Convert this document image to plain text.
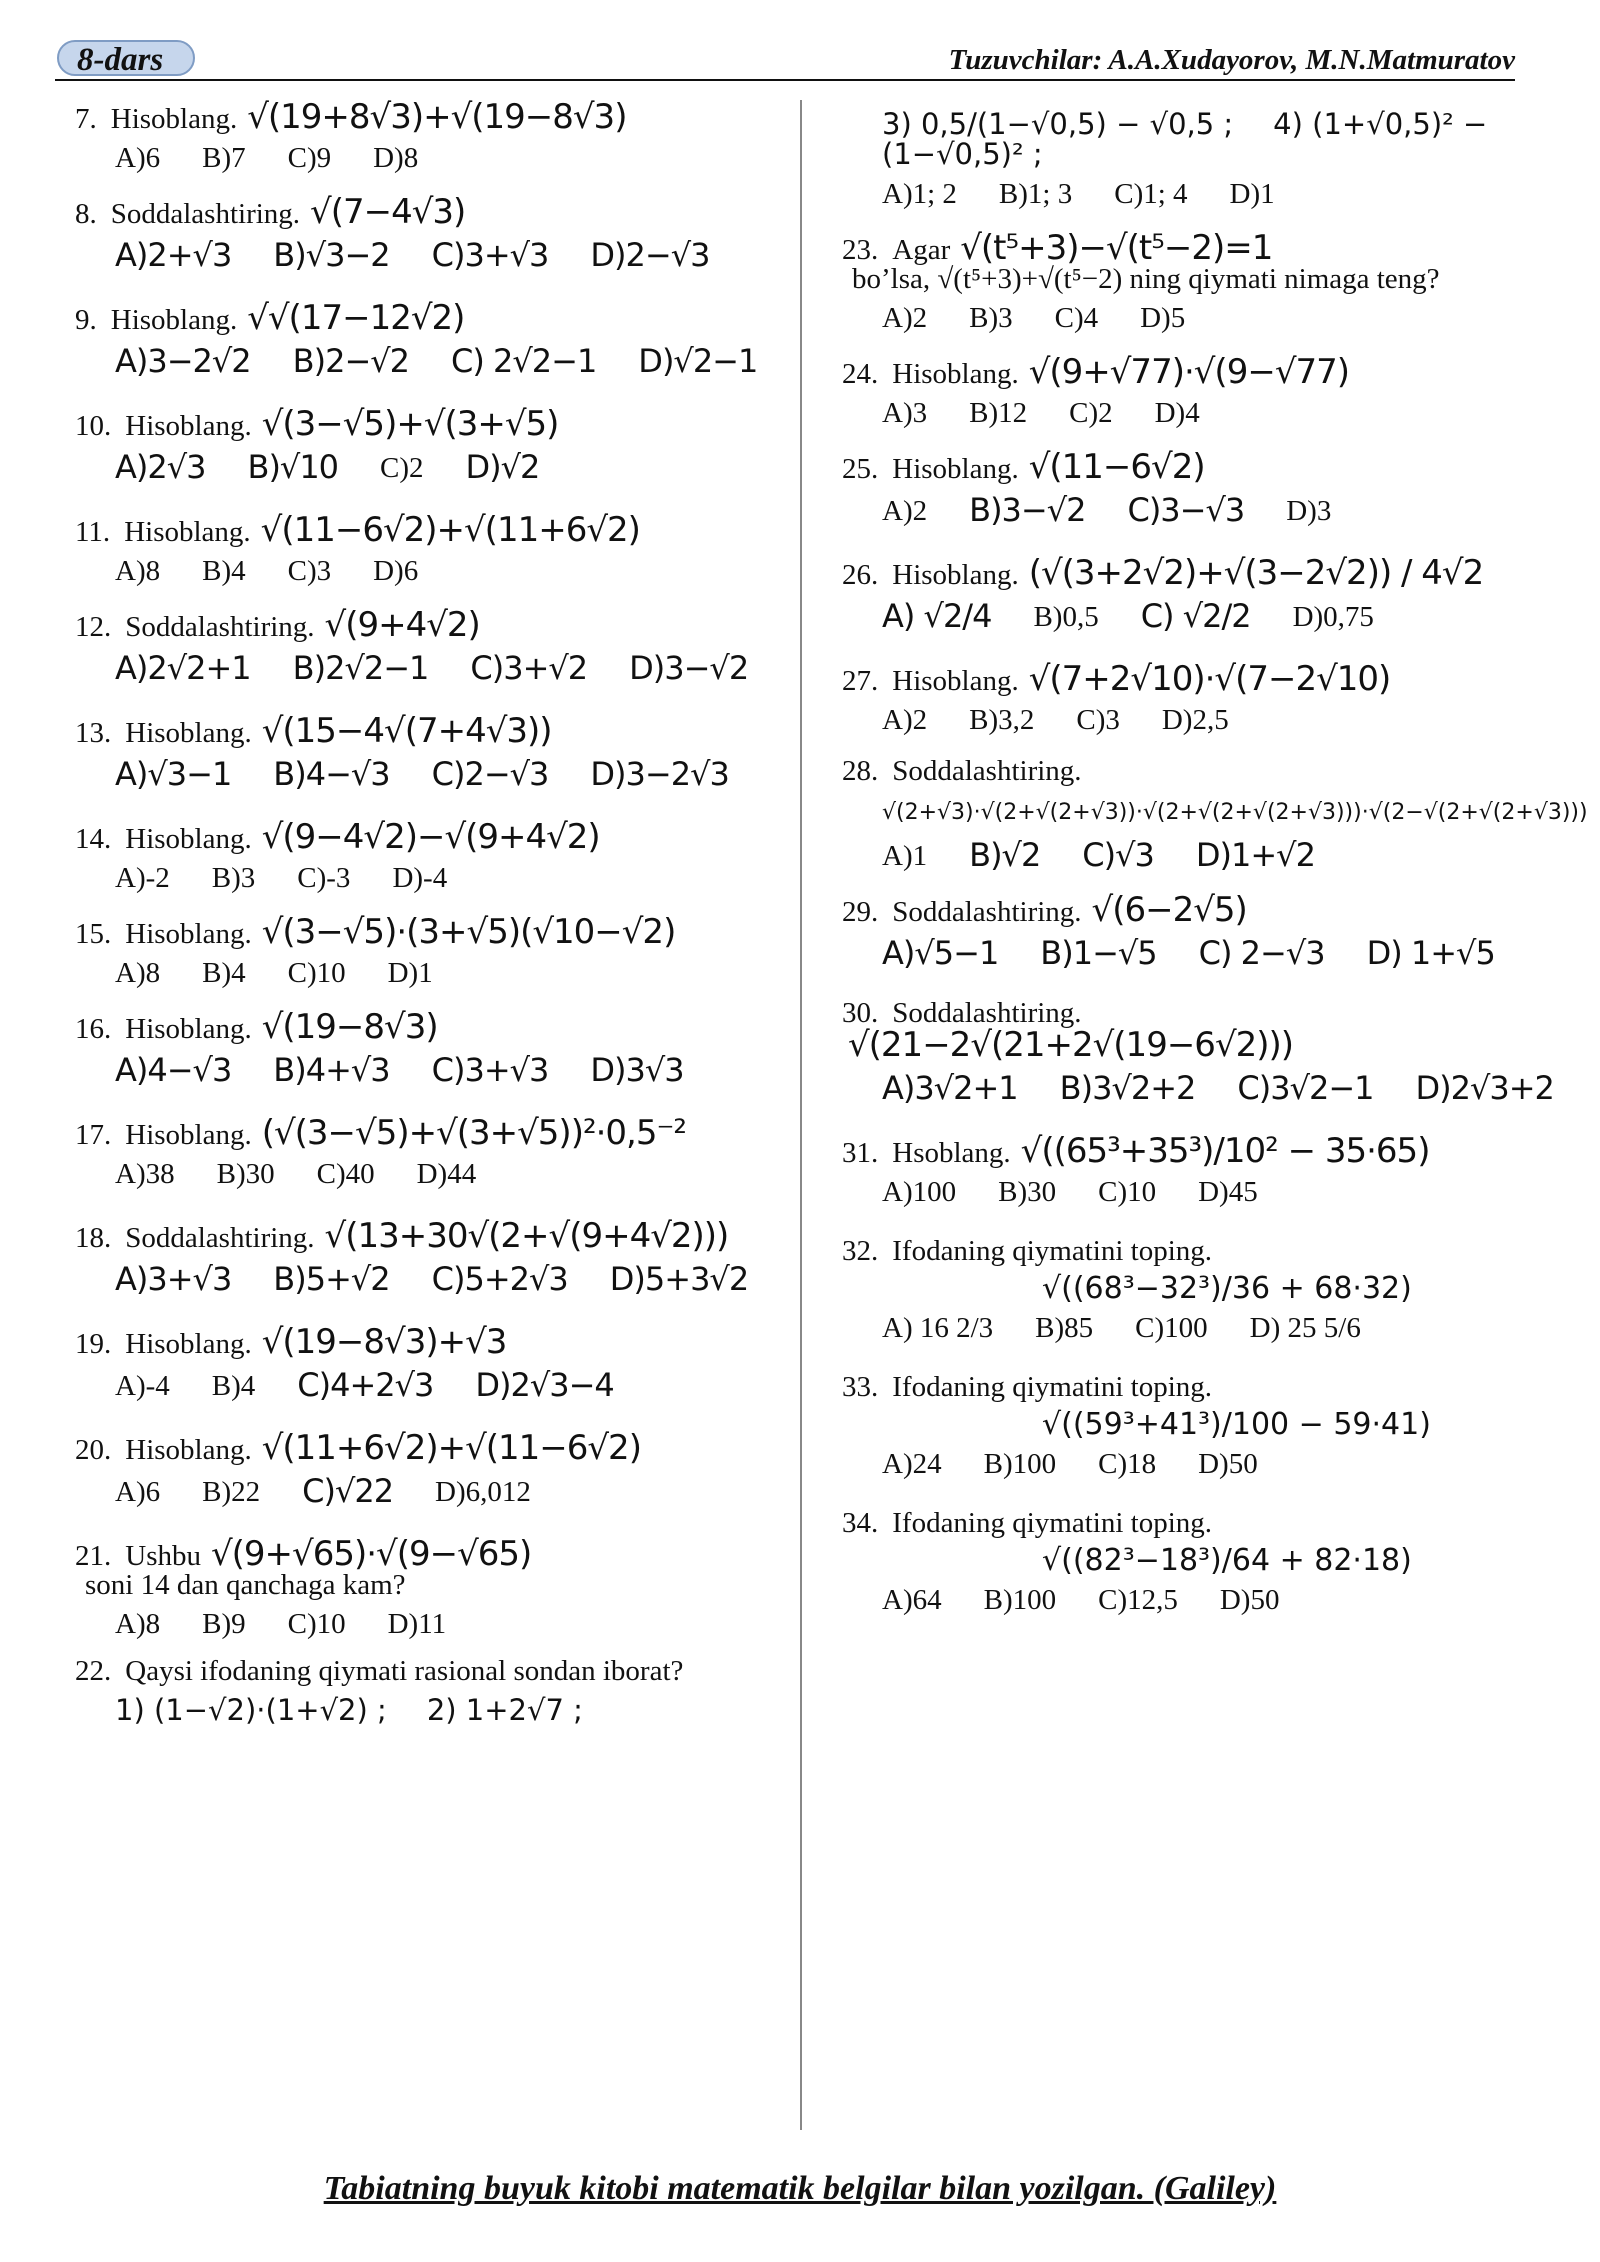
8-dars	Tuzuvchilar: A.A.Xudayorov, M.N.Matmuratov
7. Hisoblang. √(19+8√3)+√(19−8√3)
A)6 B)7 C)9 D)8
8. Soddalashtiring. √(7−4√3)
A)2+√3 B)√3−2 C)3+√3 D)2−√3
9. Hisoblang. √√(17−12√2)
A)3−2√2 B)2−√2 C) 2√2−1 D)√2−1
10. Hisoblang. √(3−√5)+√(3+√5)
A)2√3 B)√10 C)2 D)√2
11. Hisoblang. √(11−6√2)+√(11+6√2)
A)8 B)4 C)3 D)6
12. Soddalashtiring. √(9+4√2)
A)2√2+1 B)2√2−1 C)3+√2 D)3−√2
13. Hisoblang. √(15−4√(7+4√3))
A)√3−1 B)4−√3 C)2−√3 D)3−2√3
14. Hisoblang. √(9−4√2)−√(9+4√2)
A)-2 B)3 C)-3 D)-4
15. Hisoblang. √(3−√5)·(3+√5)(√10−√2)
A)8 B)4 C)10 D)1
16. Hisoblang. √(19−8√3)
A)4−√3 B)4+√3 C)3+√3 D)3√3
17. Hisoblang. (√(3−√5)+√(3+√5))²·0,5⁻²
A)38 B)30 C)40 D)44
18. Soddalashtiring. √(13+30√(2+√(9+4√2)))
A)3+√3 B)5+√2 C)5+2√3 D)5+3√2
19. Hisoblang. √(19−8√3)+√3
A)-4 B)4 C)4+2√3 D)2√3−4
20. Hisoblang. √(11+6√2)+√(11−6√2)
A)6 B)22 C)√22 D)6,012
21. Ushbu √(9+√65)·√(9−√65)
soni 14 dan qanchaga kam?
A)8 B)9 C)10 D)11
22. Qaysi ifodaning qiymati rasional sondan iborat?
1) (1−√2)·(1+√2) ; 2) 1+2√7 ;
3) 0,5/(1−√0,5) − √0,5 ; 4) (1+√0,5)² − (1−√0,5)² ;
A)1; 2 B)1; 3 C)1; 4 D)1
23. Agar √(t⁵+3)−√(t⁵−2)=1
bo’lsa, √(t⁵+3)+√(t⁵−2) ning qiymati nimaga teng?
A)2 B)3 C)4 D)5
24. Hisoblang. √(9+√77)·√(9−√77)
A)3 B)12 C)2 D)4
25. Hisoblang. √(11−6√2)
A)2 B)3−√2 C)3−√3 D)3
26. Hisoblang. (√(3+2√2)+√(3−2√2)) / 4√2
A) √2/4 B)0,5 C) √2/2 D)0,75
27. Hisoblang. √(7+2√10)·√(7−2√10)
A)2 B)3,2 C)3 D)2,5
28. Soddalashtiring.
√(2+√3)·√(2+√(2+√3))·√(2+√(2+√(2+√3)))·√(2−√(2+√(2+√3)))
A)1 B)√2 C)√3 D)1+√2
29. Soddalashtiring. √(6−2√5)
A)√5−1 B)1−√5 C) 2−√3 D) 1+√5
30. Soddalashtiring.
√(21−2√(21+2√(19−6√2)))
A)3√2+1 B)3√2+2 C)3√2−1 D)2√3+2
31. Hsoblang. √((65³+35³)/10² − 35·65)
A)100 B)30 C)10 D)45
32. Ifodaning qiymatini toping.
√((68³−32³)/36 + 68·32)
A) 16 2/3 B)85 C)100 D) 25 5/6
33. Ifodaning qiymatini toping.
√((59³+41³)/100 − 59·41)
A)24 B)100 C)18 D)50
34. Ifodaning qiymatini toping.
√((82³−18³)/64 + 82·18)
A)64 B)100 C)12,5 D)50
Tabiatning buyuk kitobi matematik belgilar bilan yozilgan. (Galiley)
